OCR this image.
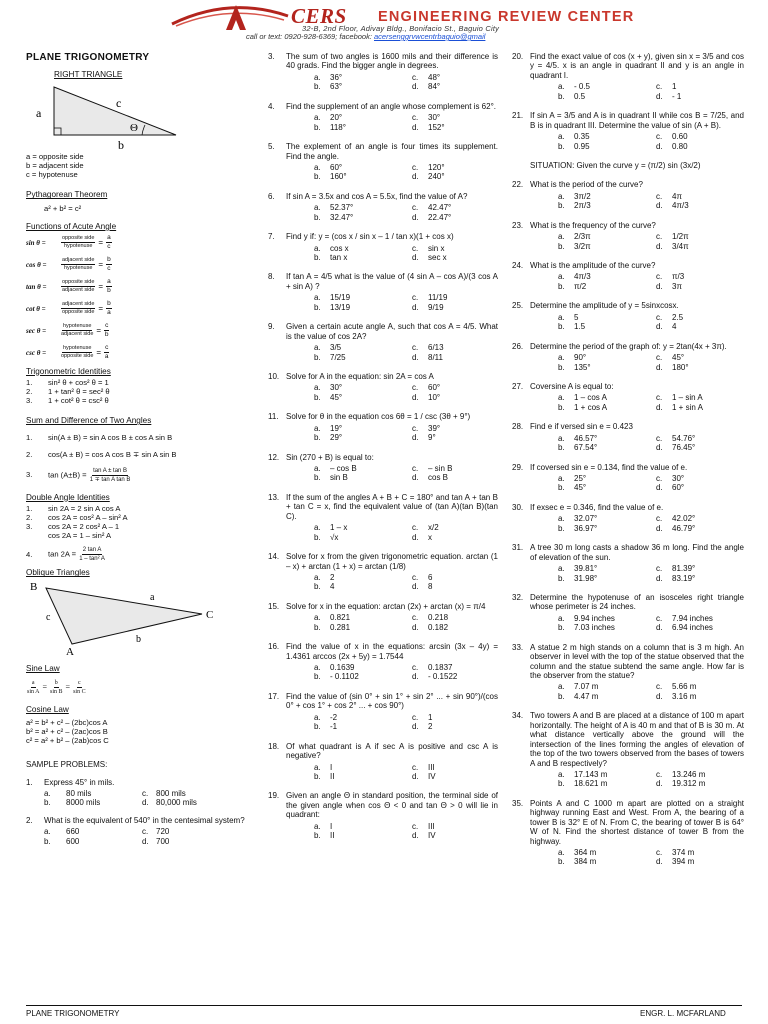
CERS ENGINEERING REVIEW CENTER
32-B, 2nd Floor, Adivay Bldg., Bonifacio St., Baguio City
call or text: 0920-928-6369; facebook: acersenggrvwcentrbaguio@gmail
PLANE TRIGONOMETRY
RIGHT TRIANGLE
a
c
b
Θ
a = opposite side
b = adjacent side
c = hypotenuse
Pythagorean Theorem
a² + b² = c²
Functions of Acute Angle
sin θ =	$\frac{\text{opposite side}}{\text{hypotenuse}} = \frac{a}{c}$
cos θ =	$\frac{\text{adjacent side}}{\text{hypotenuse}} = \frac{b}{c}$
tan θ =	$\frac{\text{opposite side}}{\text{adjacent side}} = \frac{a}{b}$
cot θ =	$\frac{\text{adjacent side}}{\text{opposite side}} = \frac{b}{a}$
sec θ =	$\frac{\text{hypotenuse}}{\text{adjacent side}} = \frac{c}{b}$
csc θ =	$\frac{\text{hypotenuse}}{\text{opposite side}} = \frac{c}{a}$
Trigonometric Identities
1. sin² θ + cos² θ = 1
2. 1 + tan² θ = sec² θ
3. 1 + cot² θ = csc² θ
Sum and Difference of Two Angles
1. sin(A ± B) = sin A cos B ± cos A sin B
2. cos(A ± B) = cos A cos B ∓ sin A sin B
3. $\tan (A\pm B) = \frac{\text{tan A ± tan B}}{\text{1 ∓ tan A tan B}}$
Double Angle Identities
1. sin 2A = 2 sin A cos A
2. cos 2A = cos² A – sin² A
3. cos 2A = 2 cos² A – 1
cos 2A = 1 – sin² A
4. $\tan 2A = \frac{\text{2 tan A}}{\text{1 – tan² A}}$
Oblique Triangles
B
A
C
a
c
b
Sine Law
$\frac{a}{\text{sin A}} = \frac{b}{\text{sin B}} = \frac{c}{\text{sin C}}$
Cosine Law
a² = b² + c² – (2bc)cos A
b² = a² + c² – (2ac)cos B
c² = a² + b² – (2ab)cos C
SAMPLE PROBLEMS:
1. Express 45° in mils.
a.	80 mils	c. 800 mils
b.	8000 mils	d. 80,000 mils
2. What is the equivalent of 540° in the centesimal system?
a.	660	c. 720
b.	600	d. 700
3. The sum of two angles is 1600 mils and their difference is 40 grads. Find the bigger angle in degrees.
a.	36°	c.	48°
b.	63°	d.	84°
4. Find the supplement of an angle whose complement is 62°.
a.	20°	c.	30°
b.	118°	d.	152°
5. The explement of an angle is four times its supplement. Find the angle.
a.	60°	c.	120°
b.	160°	d.	240°
6. If sin A = 3.5x and cos A = 5.5x, find the value of A?
a.	52.37°	c.	42.47°
b.	32.47°	d.	22.47°
7. Find y if: y = (cos x / sin x – 1 / tan x)(1 + cos x)
a.	cos x	c.	sin x
b.	tan x	d.	sec x
8. If tan A = 4/5 what is the value of (4 sin A – cos A)/(3 cos A + sin A) ?
a.	15/19	c.	11/19
b.	13/19	d.	9/19
9. Given a certain acute angle A, such that cos A = 4/5. What is the value of cos 2A?
a.	3/5	c.	6/13
b.	7/25	d.	8/11
10. Solve for A in the equation: sin 2A = cos A
a.	30°	c.	60°
b.	45°	d.	10°
11. Solve for θ in the equation cos 6θ = 1 / csc (3θ + 9°)
a.	19°	c.	39°
b.	29°	d.	9°
12. Sin (270 + B) is equal to:
a.	– cos B	c.	– sin B
b.	sin B	d.	cos B
13. If the sum of the angles A + B + C = 180° and tan A + tan B + tan C = x, find the equivalent value of (tan A)(tan B)(tan C).
a.	1 – x	c.	x/2
b.	√x	d.	x
14. Solve for x from the given trigonometric equation. arctan (1 – x) + arctan (1 + x) = arctan (1/8)
a.	2	c.	6
b.	4	d.	8
15. Solve for x in the equation: arctan (2x) + arctan (x) = π/4
a.	0.821	c.	0.218
b.	0.281	d.	0.182
16. Find the value of x in the equations: arcsin (3x – 4y) = 1.4361 arccos (2x + 5y) = 1.7544
a.	0.1639	c.	0.1837
b.	- 0.1102	d.	- 0.1522
17. Find the value of (sin 0° + sin 1° + sin 2° ... + sin 90°)/(cos 0° + cos 1° + cos 2° ... + cos 90°)
a.	-2	c.	1
b.	-1	d.	2
18. Of what quadrant is A if sec A is positive and csc A is negative?
a.	I	c.	III
b.	II	d.	IV
19. Given an angle Θ in standard position, the terminal side of the given angle when cos Θ < 0 and tan Θ > 0 will lie in quadrant:
a.	I	c.	III
b.	II	d.	IV
20. Find the exact value of cos (x + y), given sin x = 3/5 and cos y = 4/5. x is an angle in quadrant II and y is an angle in quadrant I.
a.	- 0.5	c.	1
b.	0.5	d.	- 1
21. If sin A = 3/5 and A is in quadrant II while cos B = 7/25, and B is in quadrant III. Determine the value of sin (A + B).
a.	0.35	c.	0.60
b.	0.95	d.	0.80
SITUATION: Given the curve y = (π/2) sin (3x/2)
22. What is the period of the curve?
a.	3π/2	c.	4π
b.	2π/3	d.	4π/3
23. What is the frequency of the curve?
a.	2/3π	c.	1/2π
b.	3/2π	d.	3/4π
24. What is the amplitude of the curve?
a.	4π/3	c.	π/3
b.	π/2	d.	3π
25. Determine the amplitude of y = 5sinxcosx.
a.	5	c.	2.5
b.	1.5	d.	4
26. Determine the period of the graph of: y = 2tan(4x + 3π).
a.	90°	c.	45°
b.	135°	d.	180°
27. Coversine A is equal to:
a.	1 – cos A	c.	1 – sin A
b.	1 + cos A	d.	1 + sin A
28. Find e if versed sin e = 0.423
a.	46.57°	c.	54.76°
b.	67.54°	d.	76.45°
29. If coversed sin e = 0.134, find the value of e.
a.	25°	c.	30°
b.	45°	d.	60°
30. If exsec e = 0.346, find the value of e.
a.	32.07°	c.	42.02°
b.	36.97°	d.	46.79°
31. A tree 30 m long casts a shadow 36 m long. Find the angle of elevation of the sun.
a.	39.81°	c.	81.39°
b.	31.98°	d.	83.19°
32. Determine the hypotenuse of an isosceles right triangle whose perimeter is 24 inches.
a.	9.94 inches	c.	7.94 inches
b.	7.03 inches	d.	6.94 inches
33. A statue 2 m high stands on a column that is 3 m high. An observer in level with the top of the statue observed that the column and the statue subtend the same angle. How far is the observer from the statue?
a.	7.07 m	c.	5.66 m
b.	4.47 m	d.	3.16 m
34. Two towers A and B are placed at a distance of 100 m apart horizontally. The height of A is 40 m and that of B is 30 m. At what distance vertically above the ground will the intersection of the lines forming the angles of elevation of the top of the two towers observed from the bases of towers A and B respectively?
a.	17.143 m	c.	13.246 m
b.	18.621 m	d.	19.312 m
35. Points A and C 1000 m apart are plotted on a straight highway running East and West. From A, the bearing of a tower B is 32° E of N. From C, the bearing of tower B is 64° W of N. Find the shortest distance of tower B from the highway.
a.	364 m	c.	374 m
b.	384 m	d.	394 m
PLANE TRIGONOMETRY	ENGR. L. MCFARLAND
